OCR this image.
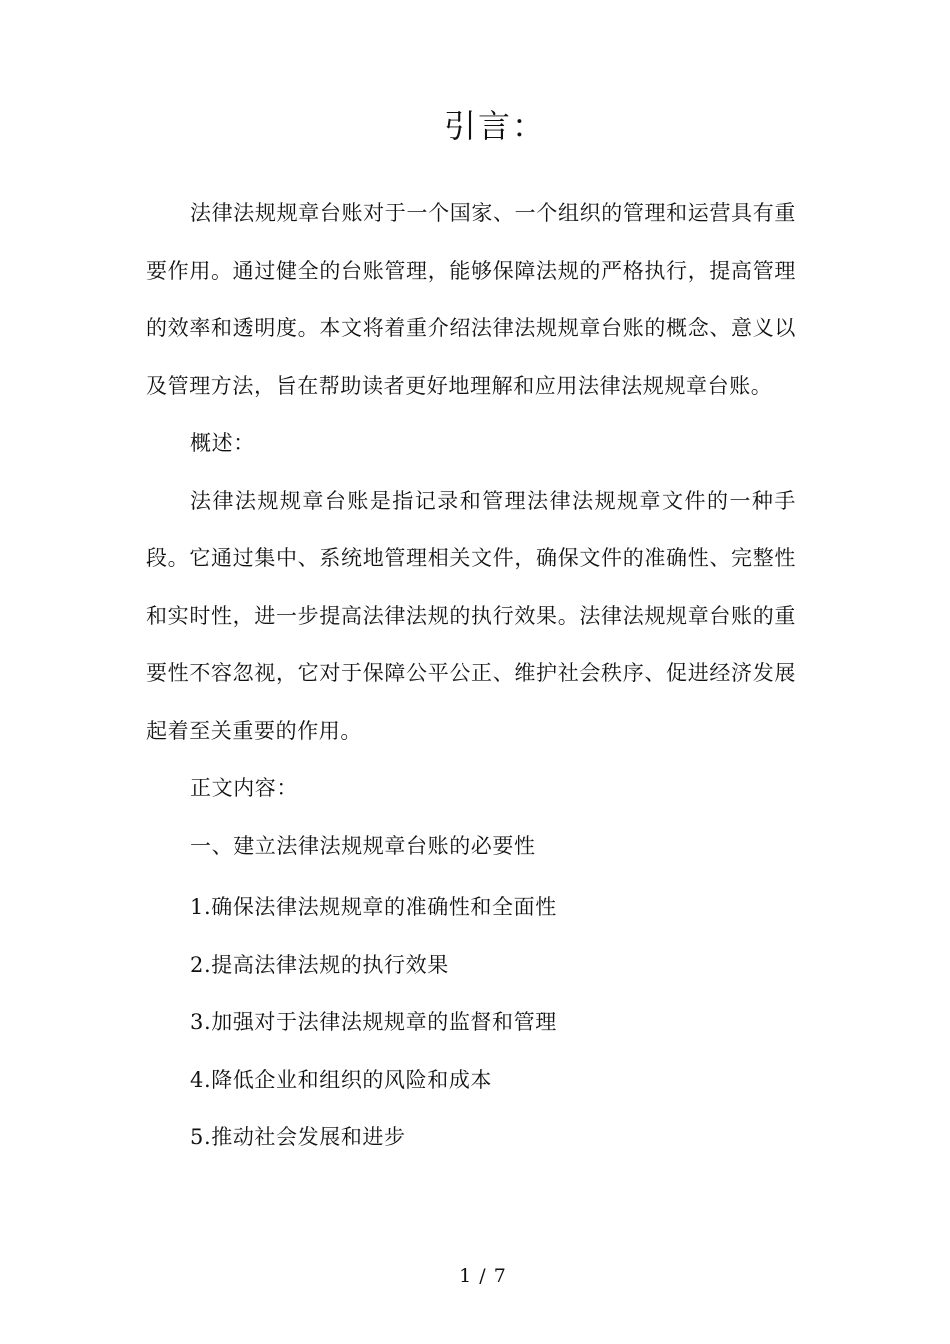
引言：

法律法规规章台账对于一个国家、一个组织的管理和运营具有重要作用。通过健全的台账管理，能够保障法规的严格执行，提高管理的效率和透明度。本文将着重介绍法律法规规章台账的概念、意义以及管理方法，旨在帮助读者更好地理解和应用法律法规规章台账。

概述：

法律法规规章台账是指记录和管理法律法规规章文件的一种手段。它通过集中、系统地管理相关文件，确保文件的准确性、完整性和实时性，进一步提高法律法规的执行效果。法律法规规章台账的重要性不容忽视，它对于保障公平公正、维护社会秩序、促进经济发展起着至关重要的作用。

正文内容：

一、建立法律法规规章台账的必要性

1.确保法律法规规章的准确性和全面性
2.提高法律法规的执行效果
3.加强对于法律法规规章的监督和管理
4.降低企业和组织的风险和成本
5.推动社会发展和进步
1 / 7
